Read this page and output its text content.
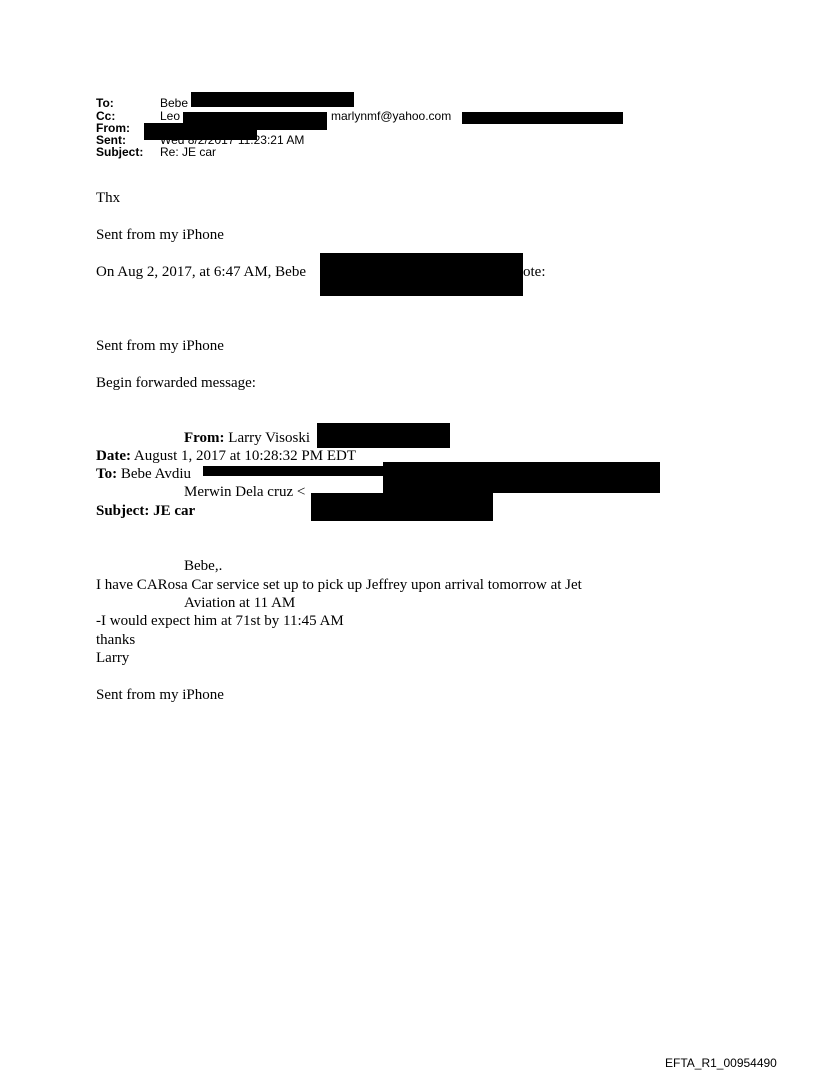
To:	Bebe
Cc:	Leo	marlynmf@yahoo.com
From:
Sent:	Wed 8/2/2017 11:23:21 AM
Subject: Re: JE car
Thx
Sent from my iPhone
On Aug 2, 2017, at 6:47 AM, Bebe	ote:
Sent from my iPhone
Begin forwarded message:
From: Larry Visoski
Date: August 1, 2017 at 10:28:32 PM EDT
To: Bebe Avdiu
Merwin Dela cruz <
Subject: JE car
Bebe,.
I have CARosa Car service set up to pick up Jeffrey upon arrival tomorrow at Jet
Aviation at 11 AM
-I would expect him at 71st by 11:45 AM
thanks
Larry
Sent from my iPhone
EFTA_R1_00954490
